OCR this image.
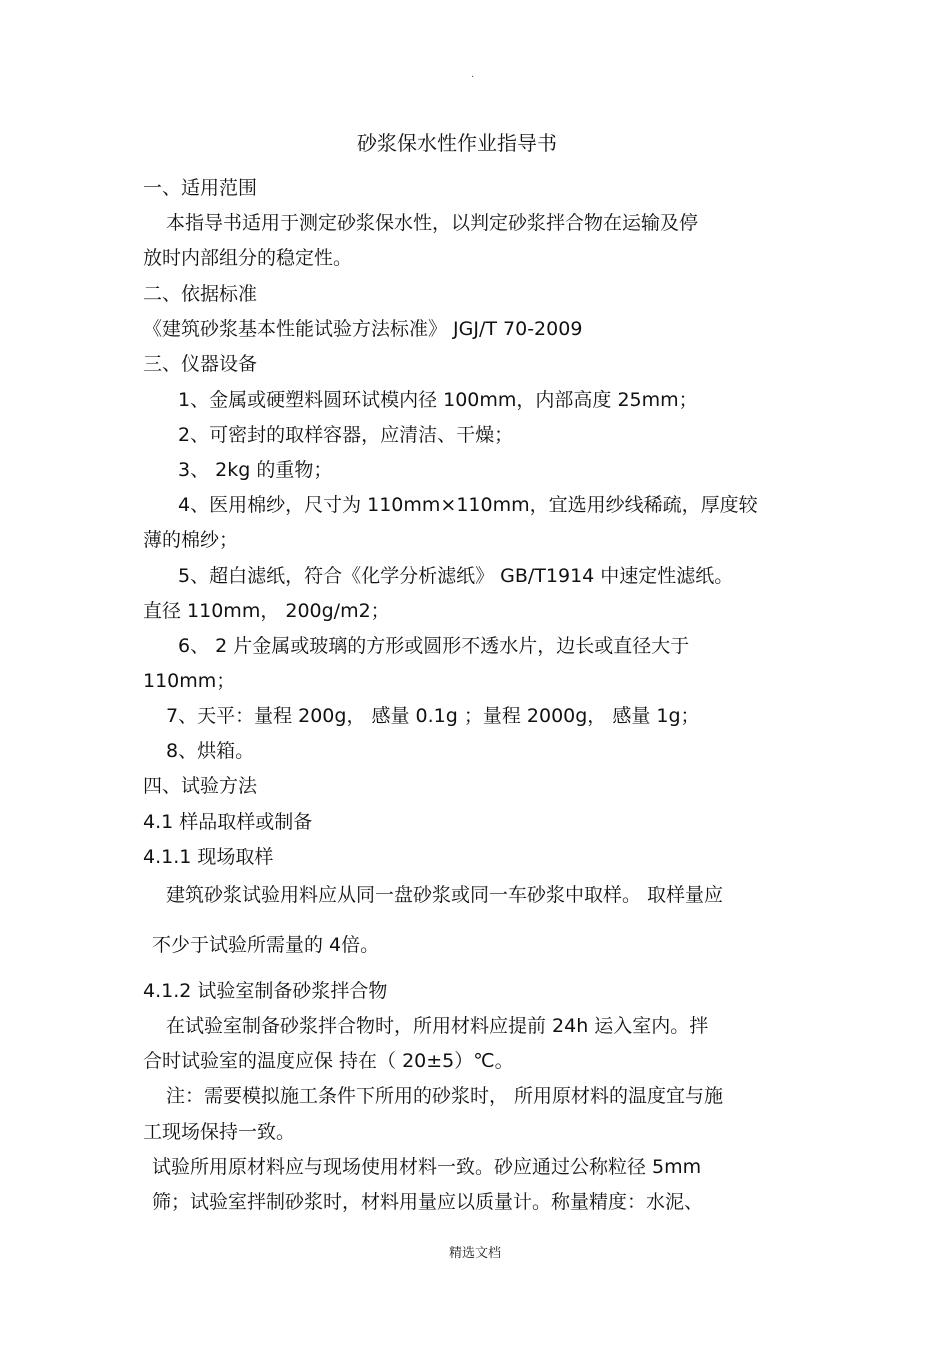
·
砂浆保水性作业指导书
一、适用范围
本指导书适用于测定砂浆保水性，以判定砂浆拌合物在运输及停
放时内部组分的稳定性。
二、依据标准
《建筑砂浆基本性能试验方法标准》 JGJ/T 70-2009
三、仪器设备
1、金属或硬塑料圆环试模内径 100mm，内部高度 25mm；
2、可密封的取样容器，应清洁、干燥；
3、 2kg 的重物；
4、医用棉纱，尺寸为 110mm×110mm，宜选用纱线稀疏，厚度较
薄的棉纱；
5、超白滤纸，符合《化学分析滤纸》 GB/T1914 中速定性滤纸。
直径 110mm， 200g/m2；
6、 2 片金属或玻璃的方形或圆形不透水片，边长或直径大于
110mm；
7、天平：量程 200g， 感量 0.1g ；量程 2000g， 感量 1g；
8、烘箱。
四、试验方法
4.1 样品取样或制备
4.1.1 现场取样
建筑砂浆试验用料应从同一盘砂浆或同一车砂浆中取样。 取样量应
不少于试验所需量的 4倍。
4.1.2 试验室制备砂浆拌合物
在试验室制备砂浆拌合物时，所用材料应提前 24h 运入室内。拌
合时试验室的温度应保 持在（ 20±5）℃。
注：需要模拟施工条件下所用的砂浆时， 所用原材料的温度宜与施
工现场保持一致。
试验所用原材料应与现场使用材料一致。砂应通过公称粒径 5mm
筛；试验室拌制砂浆时，材料用量应以质量计。称量精度：水泥、
精选文档
